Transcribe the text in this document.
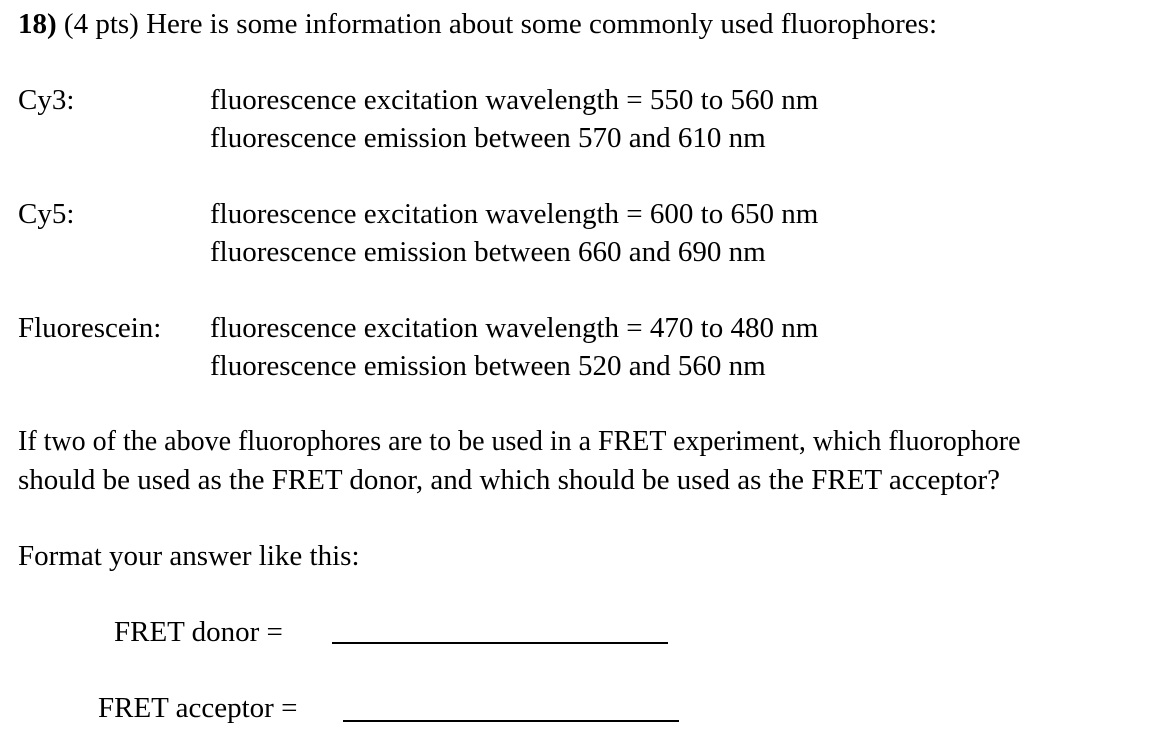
18) (4 pts) Here is some information about some commonly used fluorophores:
Cy3:	fluorescence excitation wavelength = 550 to 560 nm
fluorescence emission between 570 and 610 nm
Cy5:	fluorescence excitation wavelength = 600 to 650 nm
fluorescence emission between 660 and 690 nm
Fluorescein: fluorescence excitation wavelength = 470 to 480 nm
fluorescence emission between 520 and 560 nm
If two of the above fluorophores are to be used in a FRET experiment, which fluorophore
should be used as the FRET donor, and which should be used as the FRET acceptor?
Format your answer like this:
FRET donor =
FRET acceptor =
